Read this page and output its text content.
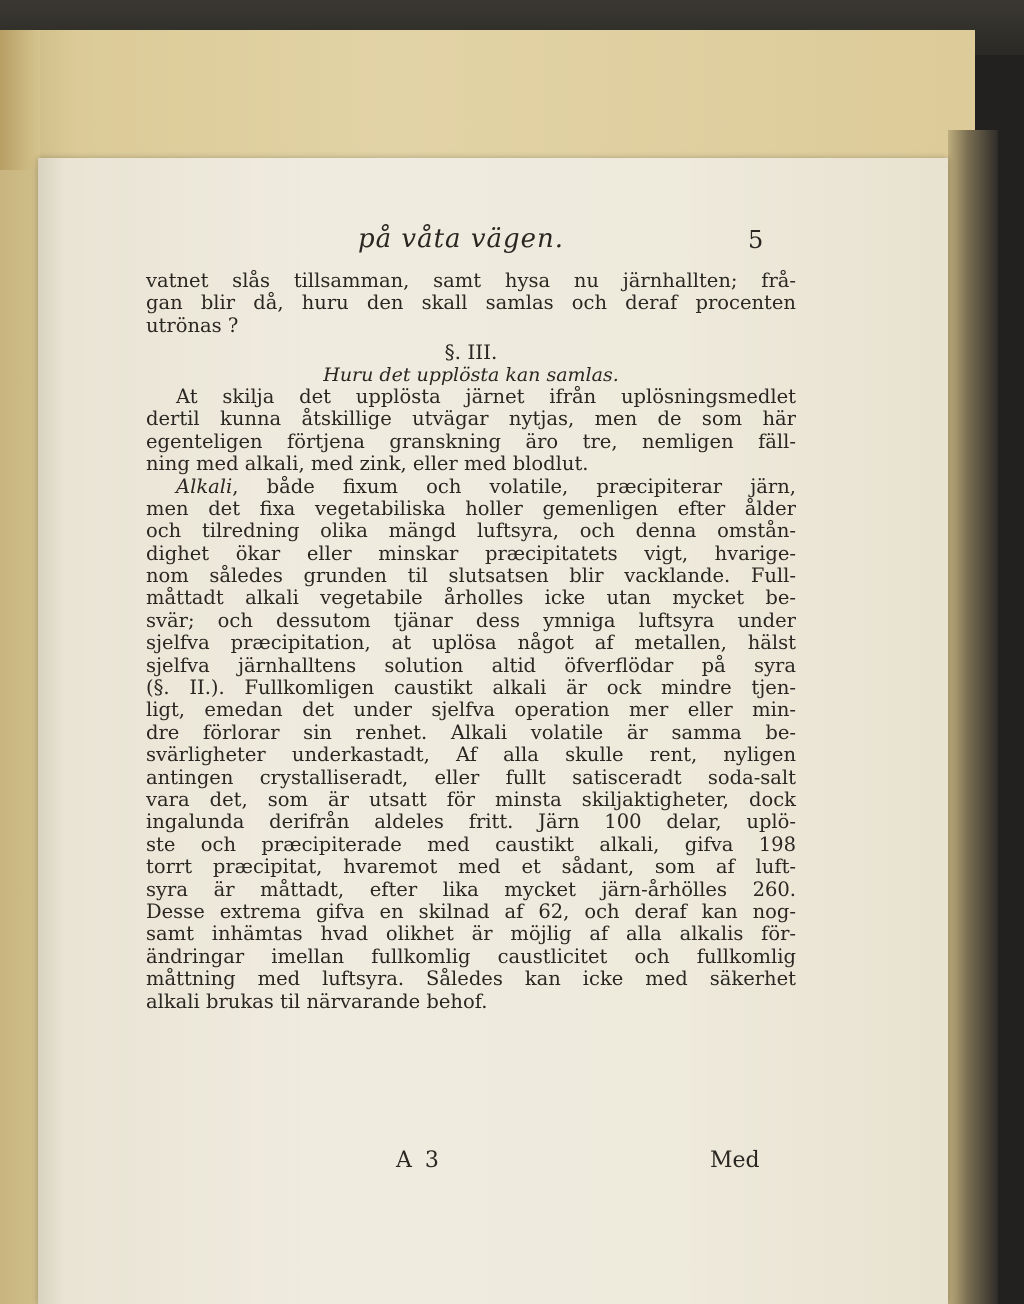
på våta vägen.	5
vatnet slås tillsamman, samt hysa nu järnhallten; frå-
gan blir då, huru den skall samlas och deraf procenten
utrönas ?
§. III.
Huru det upplösta kan samlas.
At skilja det upplösta järnet ifrån uplösningsmedlet
dertil kunna åtskillige utvägar nytjas, men de som här
egenteligen förtjena granskning äro tre, nemligen fäll-
ning med alkali, med zink, eller med blodlut.
Alkali, både fixum och volatile, præcipiterar järn,
men det fixa vegetabiliska holler gemenligen efter ålder
och tilredning olika mängd luftsyra, och denna omstån-
dighet ökar eller minskar præcipitatets vigt, hvarige-
nom således grunden til slutsatsen blir vacklande. Full-
måttadt alkali vegetabile årholles icke utan mycket be-
svär; och dessutom tjänar dess ymniga luftsyra under
sjelfva præcipitation, at uplösa något af metallen, hälst
sjelfva järnhalltens solution altid öfverflödar på syra
(§. II.). Fullkomligen caustikt alkali är ock mindre tjen-
ligt, emedan det under sjelfva operation mer eller min-
dre förlorar sin renhet. Alkali volatile är samma be-
svärligheter underkastadt, Af alla skulle rent, nyligen
antingen crystalliseradt, eller fullt satisceradt soda-salt
vara det, som är utsatt för minsta skiljaktigheter, dock
ingalunda derifrån aldeles fritt. Järn 100 delar, uplö-
ste och præcipiterade med caustikt alkali, gifva 198
torrt præcipitat, hvaremot med et sådant, som af luft-
syra är måttadt, efter lika mycket järn-århölles 260.
Desse extrema gifva en skilnad af 62, och deraf kan nog-
samt inhämtas hvad olikhet är möjlig af alla alkalis för-
ändringar imellan fullkomlig caustlicitet och fullkomlig
måttning med luftsyra. Således kan icke med säkerhet
alkali brukas til närvarande behof.
A 3	Med
